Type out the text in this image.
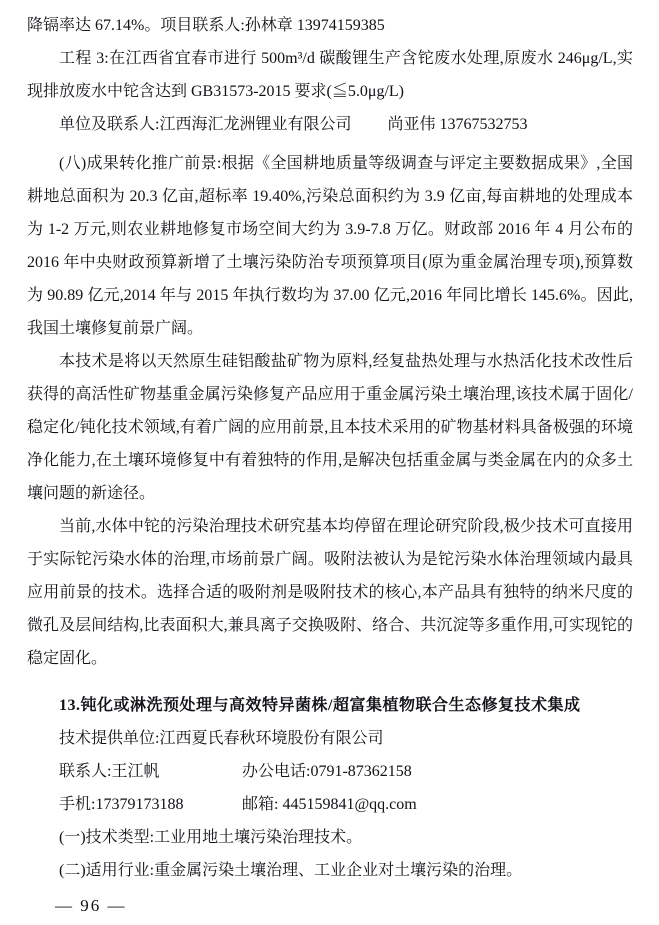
降镉率达 67.14%。项目联系人:孙林章 13974159385

工程 3:在江西省宜春市进行 500m³/d 碳酸锂生产含铊废水处理,原废水 246μg/L,实现排放废水中铊含达到 GB31573-2015 要求(≦5.0μg/L)

单位及联系人:江西海汇龙洲锂业有限公司　　 尚亚伟 13767532753

(八)成果转化推广前景:根据《全国耕地质量等级调查与评定主要数据成果》,全国耕地总面积为 20.3 亿亩,超标率 19.40%,污染总面积约为 3.9 亿亩,每亩耕地的处理成本为 1-2 万元,则农业耕地修复市场空间大约为 3.9-7.8 万亿。财政部 2016 年 4 月公布的 2016 年中央财政预算新增了土壤污染防治专项预算项目(原为重金属治理专项),预算数为 90.89 亿元,2014 年与 2015 年执行数均为 37.00 亿元,2016 年同比增长 145.6%。因此,我国土壤修复前景广阔。

本技术是将以天然原生硅铝酸盐矿物为原料,经复盐热处理与水热活化技术改性后获得的高活性矿物基重金属污染修复产品应用于重金属污染土壤治理,该技术属于固化/稳定化/钝化技术领域,有着广阔的应用前景,且本技术采用的矿物基材料具备极强的环境净化能力,在土壤环境修复中有着独特的作用,是解决包括重金属与类金属在内的众多土壤问题的新途径。

当前,水体中铊的污染治理技术研究基本均停留在理论研究阶段,极少技术可直接用于实际铊污染水体的治理,市场前景广阔。吸附法被认为是铊污染水体治理领域内最具应用前景的技术。选择合适的吸附剂是吸附技术的核心,本产品具有独特的纳米尺度的微孔及层间结构,比表面积大,兼具离子交换吸附、络合、共沉淀等多重作用,可实现铊的稳定固化。

13.钝化或淋洗预处理与高效特异菌株/超富集植物联合生态修复技术集成

技术提供单位:江西夏氏春秋环境股份有限公司

联系人:王江帆	办公电话:0791-87362158
手机:17379173188	邮箱: 445159841@qq.com

(一)技术类型:工业用地土壤污染治理技术。

(二)适用行业:重金属污染土壤治理、工业企业对土壤污染的治理。

— 96 —
